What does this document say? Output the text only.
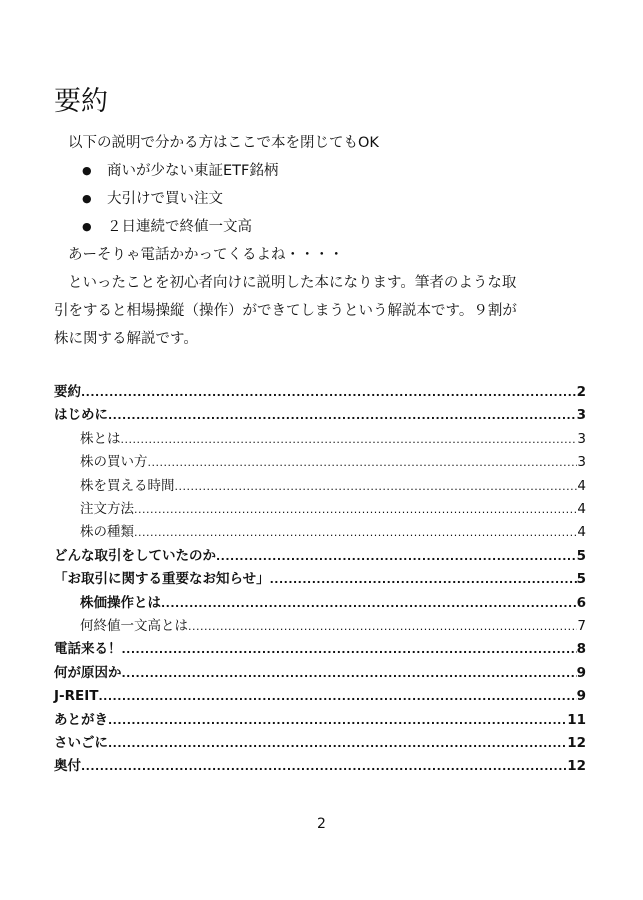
要約
以下の説明で分かる方はここで本を閉じてもOK
● 商いが少ない東証ETF銘柄
● 大引けで買い注文
● ２日連続で終値一文高
あーそりゃ電話かかってくるよね・・・・
といったことを初心者向けに説明した本になります。筆者のような取
引をすると相場操縦（操作）ができてしまうという解説本です。９割が
株に関する解説です。
要約 .....	2
はじめに .....	3
株とは .....	3
株の買い方 .....	3
株を買える時間 .....	4
注文方法 .....	4
株の種類 .....	4
どんな取引をしていたのか .....	5
「お取引に関する重要なお知らせ」 .....	5
株価操作とは .....	6
何終値一文高とは .....	7
電話来る！ .....	8
何が原因か .....	9
J-REIT .....	9
あとがき .....	11
さいごに .....	12
奥付 .....	12
2
